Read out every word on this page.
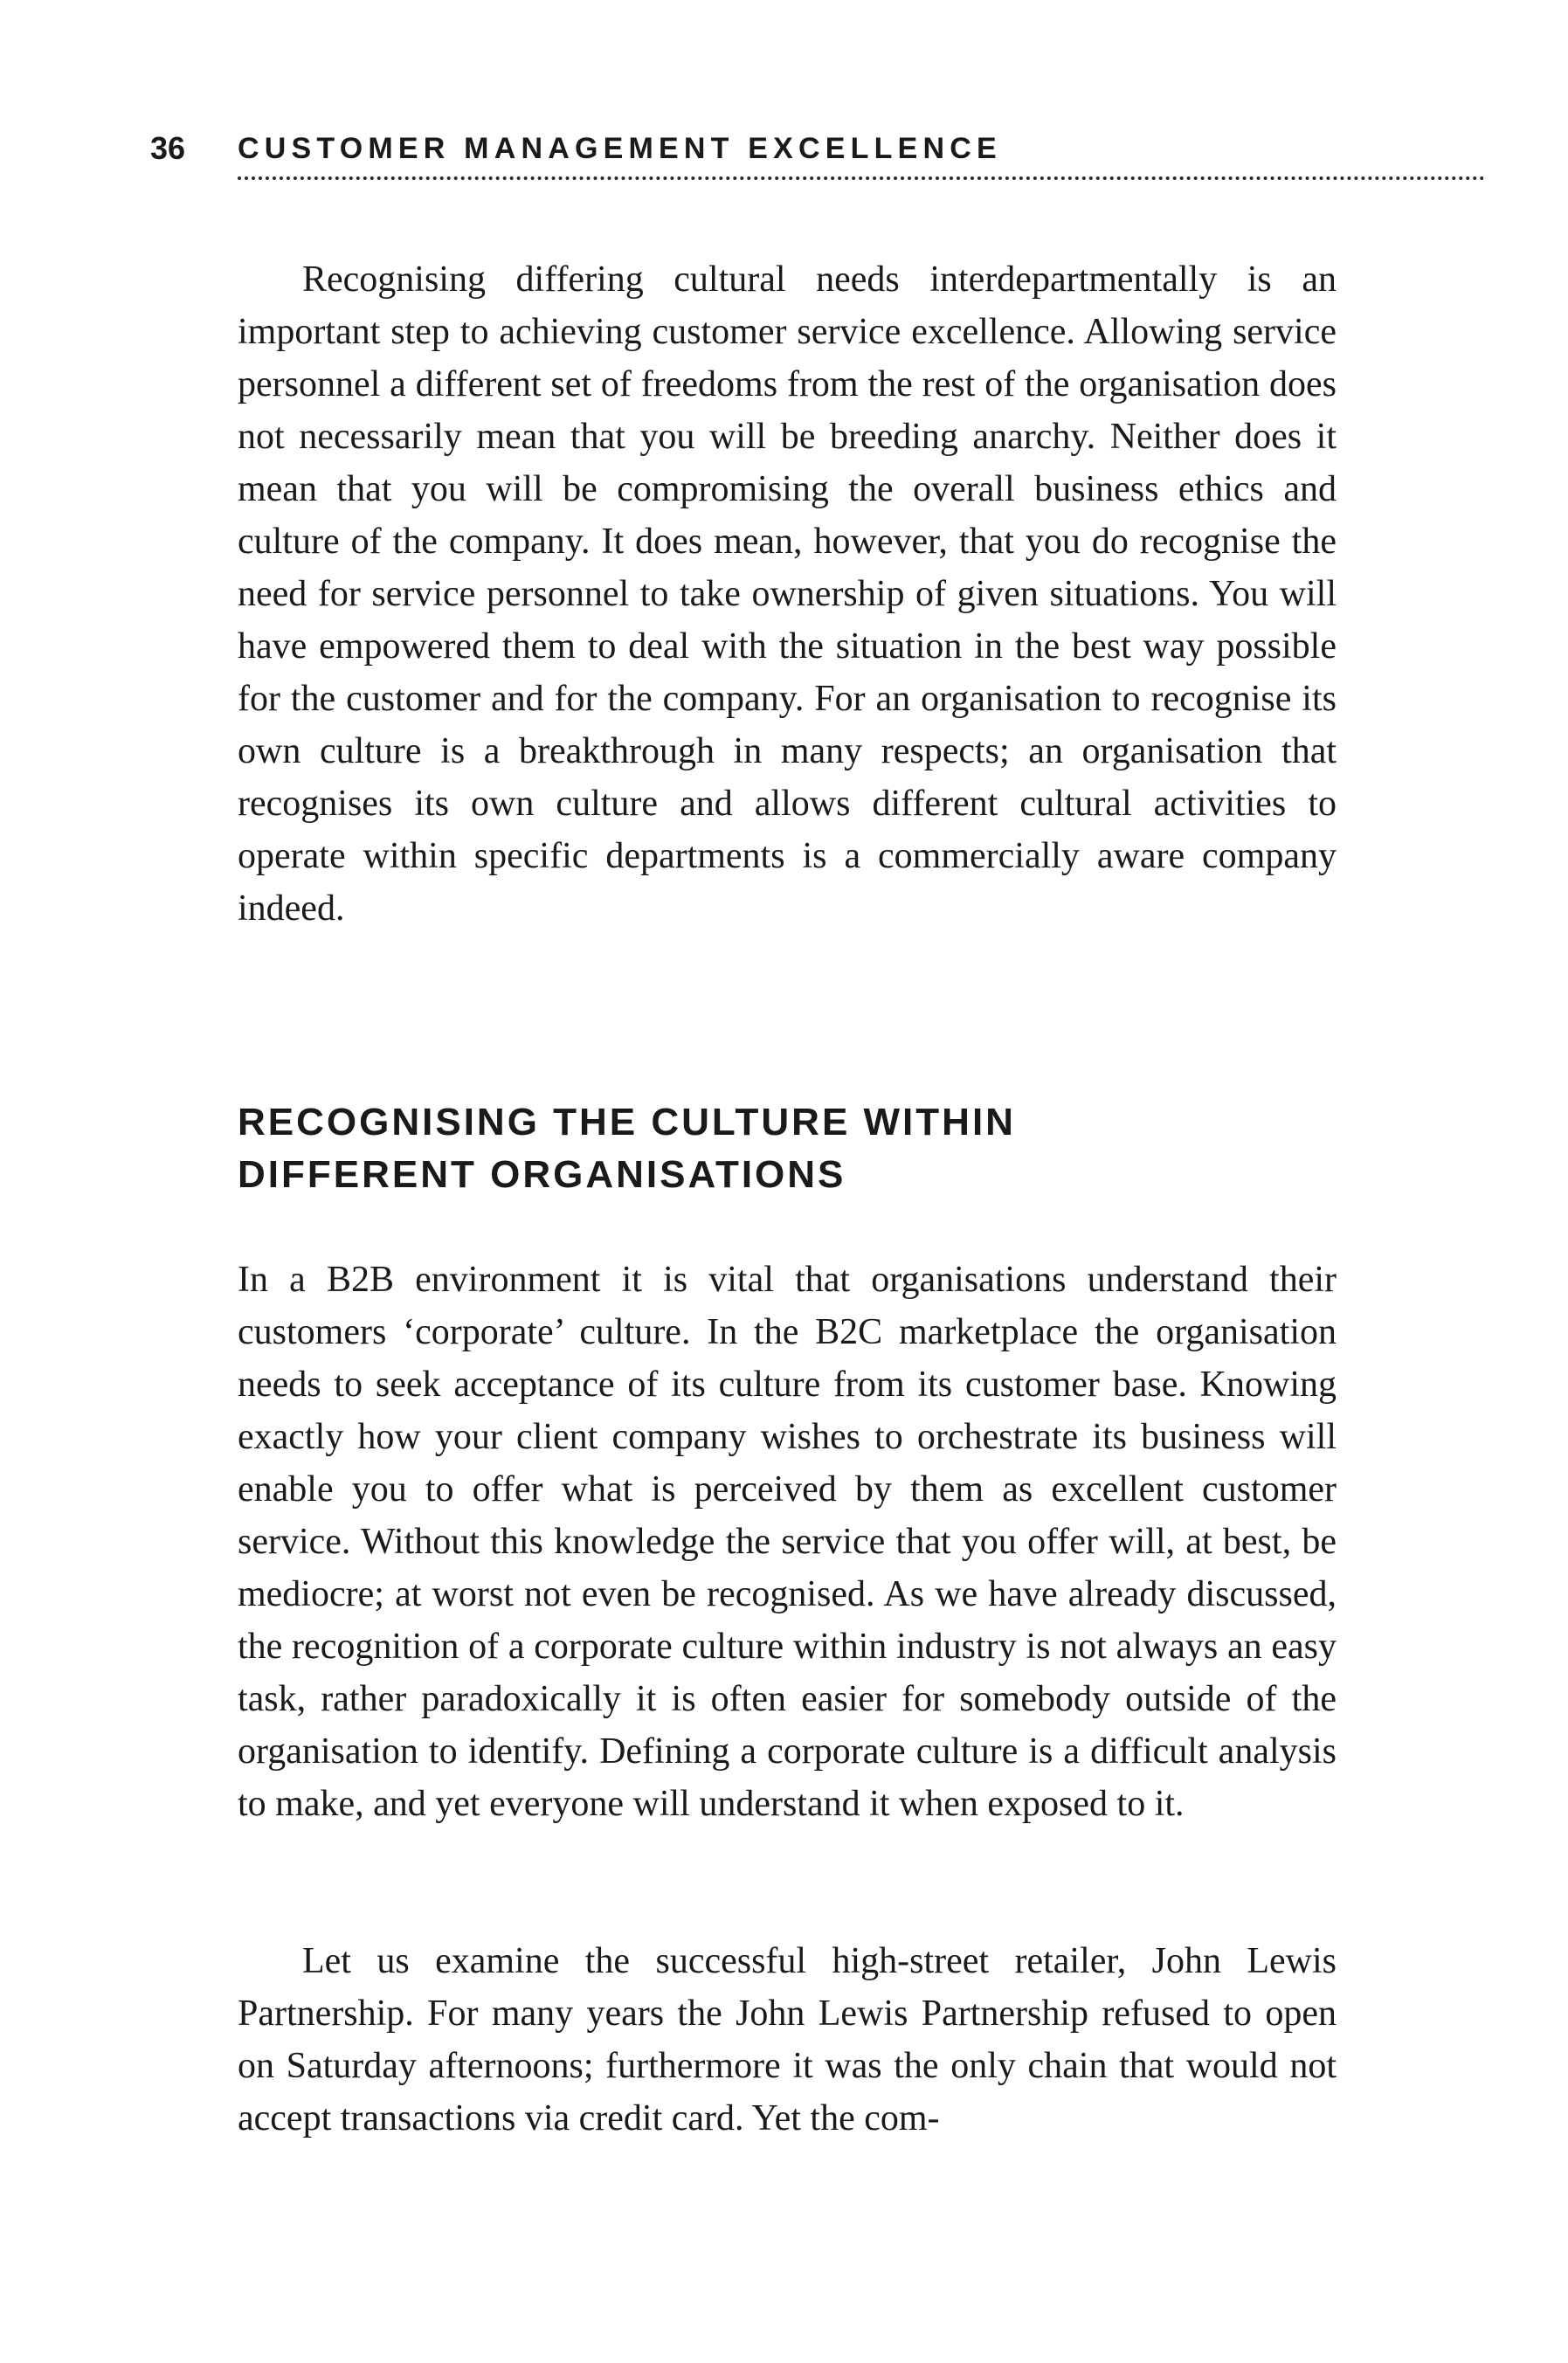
36 CUSTOMER MANAGEMENT EXCELLENCE

Recognising differing cultural needs interdepartmentally is an important step to achieving customer service excellence. Allowing service personnel a different set of freedoms from the rest of the organisation does not necessarily mean that you will be breeding anarchy. Neither does it mean that you will be compromising the overall business ethics and culture of the company. It does mean, however, that you do recognise the need for service personnel to take ownership of given situations. You will have empowered them to deal with the situation in the best way possible for the customer and for the company. For an organisation to recognise its own culture is a breakthrough in many respects; an organisation that recognises its own culture and allows different cultural activities to operate within specific departments is a commercially aware company indeed.

RECOGNISING THE CULTURE WITHIN
DIFFERENT ORGANISATIONS

In a B2B environment it is vital that organisations understand their customers ‘corporate’ culture. In the B2C marketplace the organisation needs to seek acceptance of its culture from its customer base. Knowing exactly how your client company wishes to orchestrate its business will enable you to offer what is perceived by them as excellent customer service. Without this knowledge the service that you offer will, at best, be mediocre; at worst not even be recognised. As we have already discussed, the recognition of a corporate culture within industry is not always an easy task, rather paradoxically it is often easier for somebody outside of the organisation to identify. Defining a corporate culture is a difficult analysis to make, and yet everyone will understand it when exposed to it.

Let us examine the successful high-street retailer, John Lewis Partnership. For many years the John Lewis Partnership refused to open on Saturday afternoons; furthermore it was the only chain that would not accept transactions via credit card. Yet the com-
